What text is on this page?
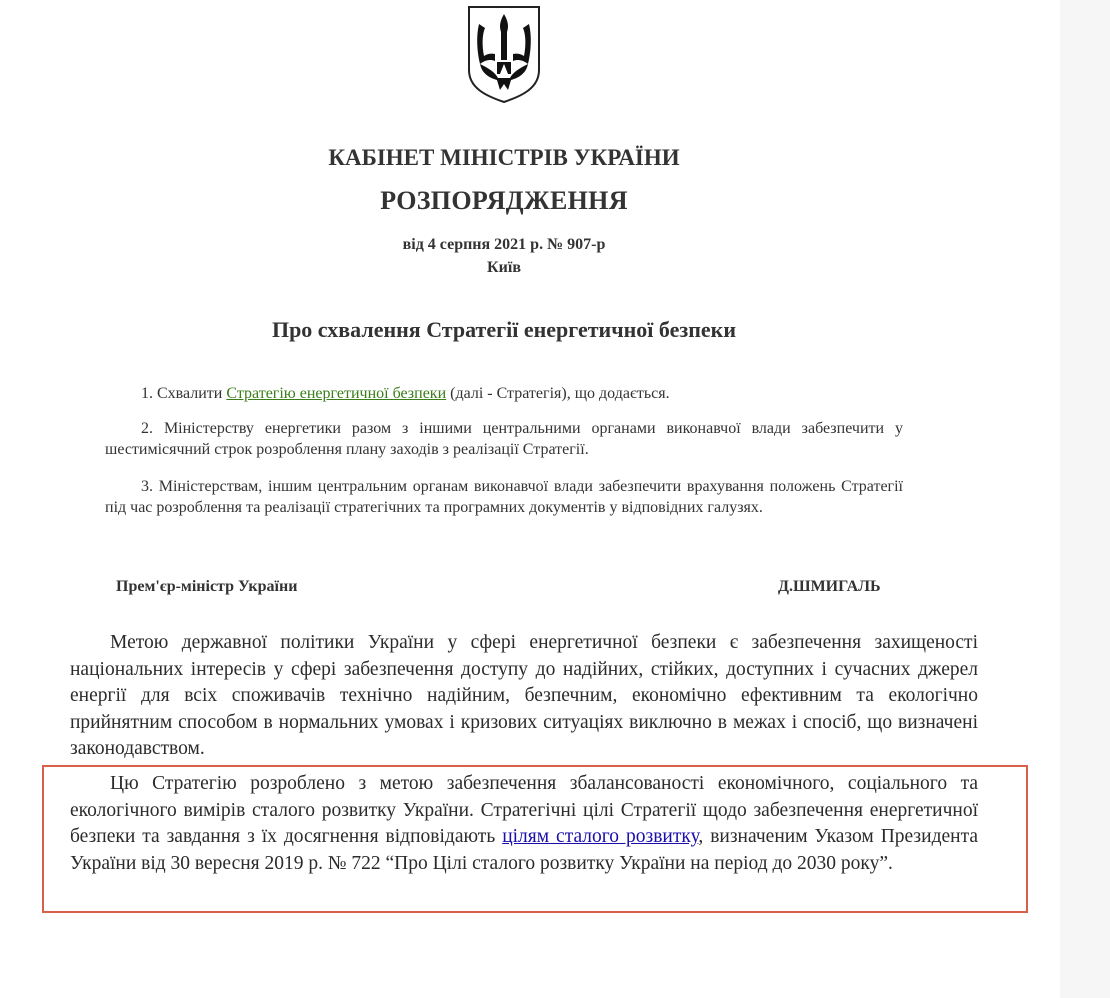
КАБІНЕТ МІНІСТРІВ УКРАЇНИ
РОЗПОРЯДЖЕННЯ
від 4 серпня 2021 р. № 907-р
Київ
Про схвалення Стратегії енергетичної безпеки

1. Схвалити Стратегію енергетичної безпеки (далі - Стратегія), що додається.

2. Міністерству енергетики разом з іншими центральними органами виконавчої влади забезпечити у шестимісячний строк розроблення плану заходів з реалізації Стратегії.

3. Міністерствам, іншим центральним органам виконавчої влади забезпечити врахування положень Стратегії під час розроблення та реалізації стратегічних та програмних документів у відповідних галузях.

Прем'єр-міністр України	Д.ШМИГАЛЬ

Метою державної політики України у сфері енергетичної безпеки є забезпечення захищеності національних інтересів у сфері забезпечення доступу до надійних, стійких, доступних і сучасних джерел енергії для всіх споживачів технічно надійним, безпечним, економічно ефективним та екологічно прийнятним способом в нормальних умовах і кризових ситуаціях виключно в межах і спосіб, що визначені законодавством.

Цю Стратегію розроблено з метою забезпечення збалансованості економічного, соціального та екологічного вимірів сталого розвитку України. Стратегічні цілі Стратегії щодо забезпечення енергетичної безпеки та завдання з їх досягнення відповідають цілям сталого розвитку, визначеним Указом Президента України від 30 вересня 2019 р. № 722 “Про Цілі сталого розвитку України на період до 2030 року”.
